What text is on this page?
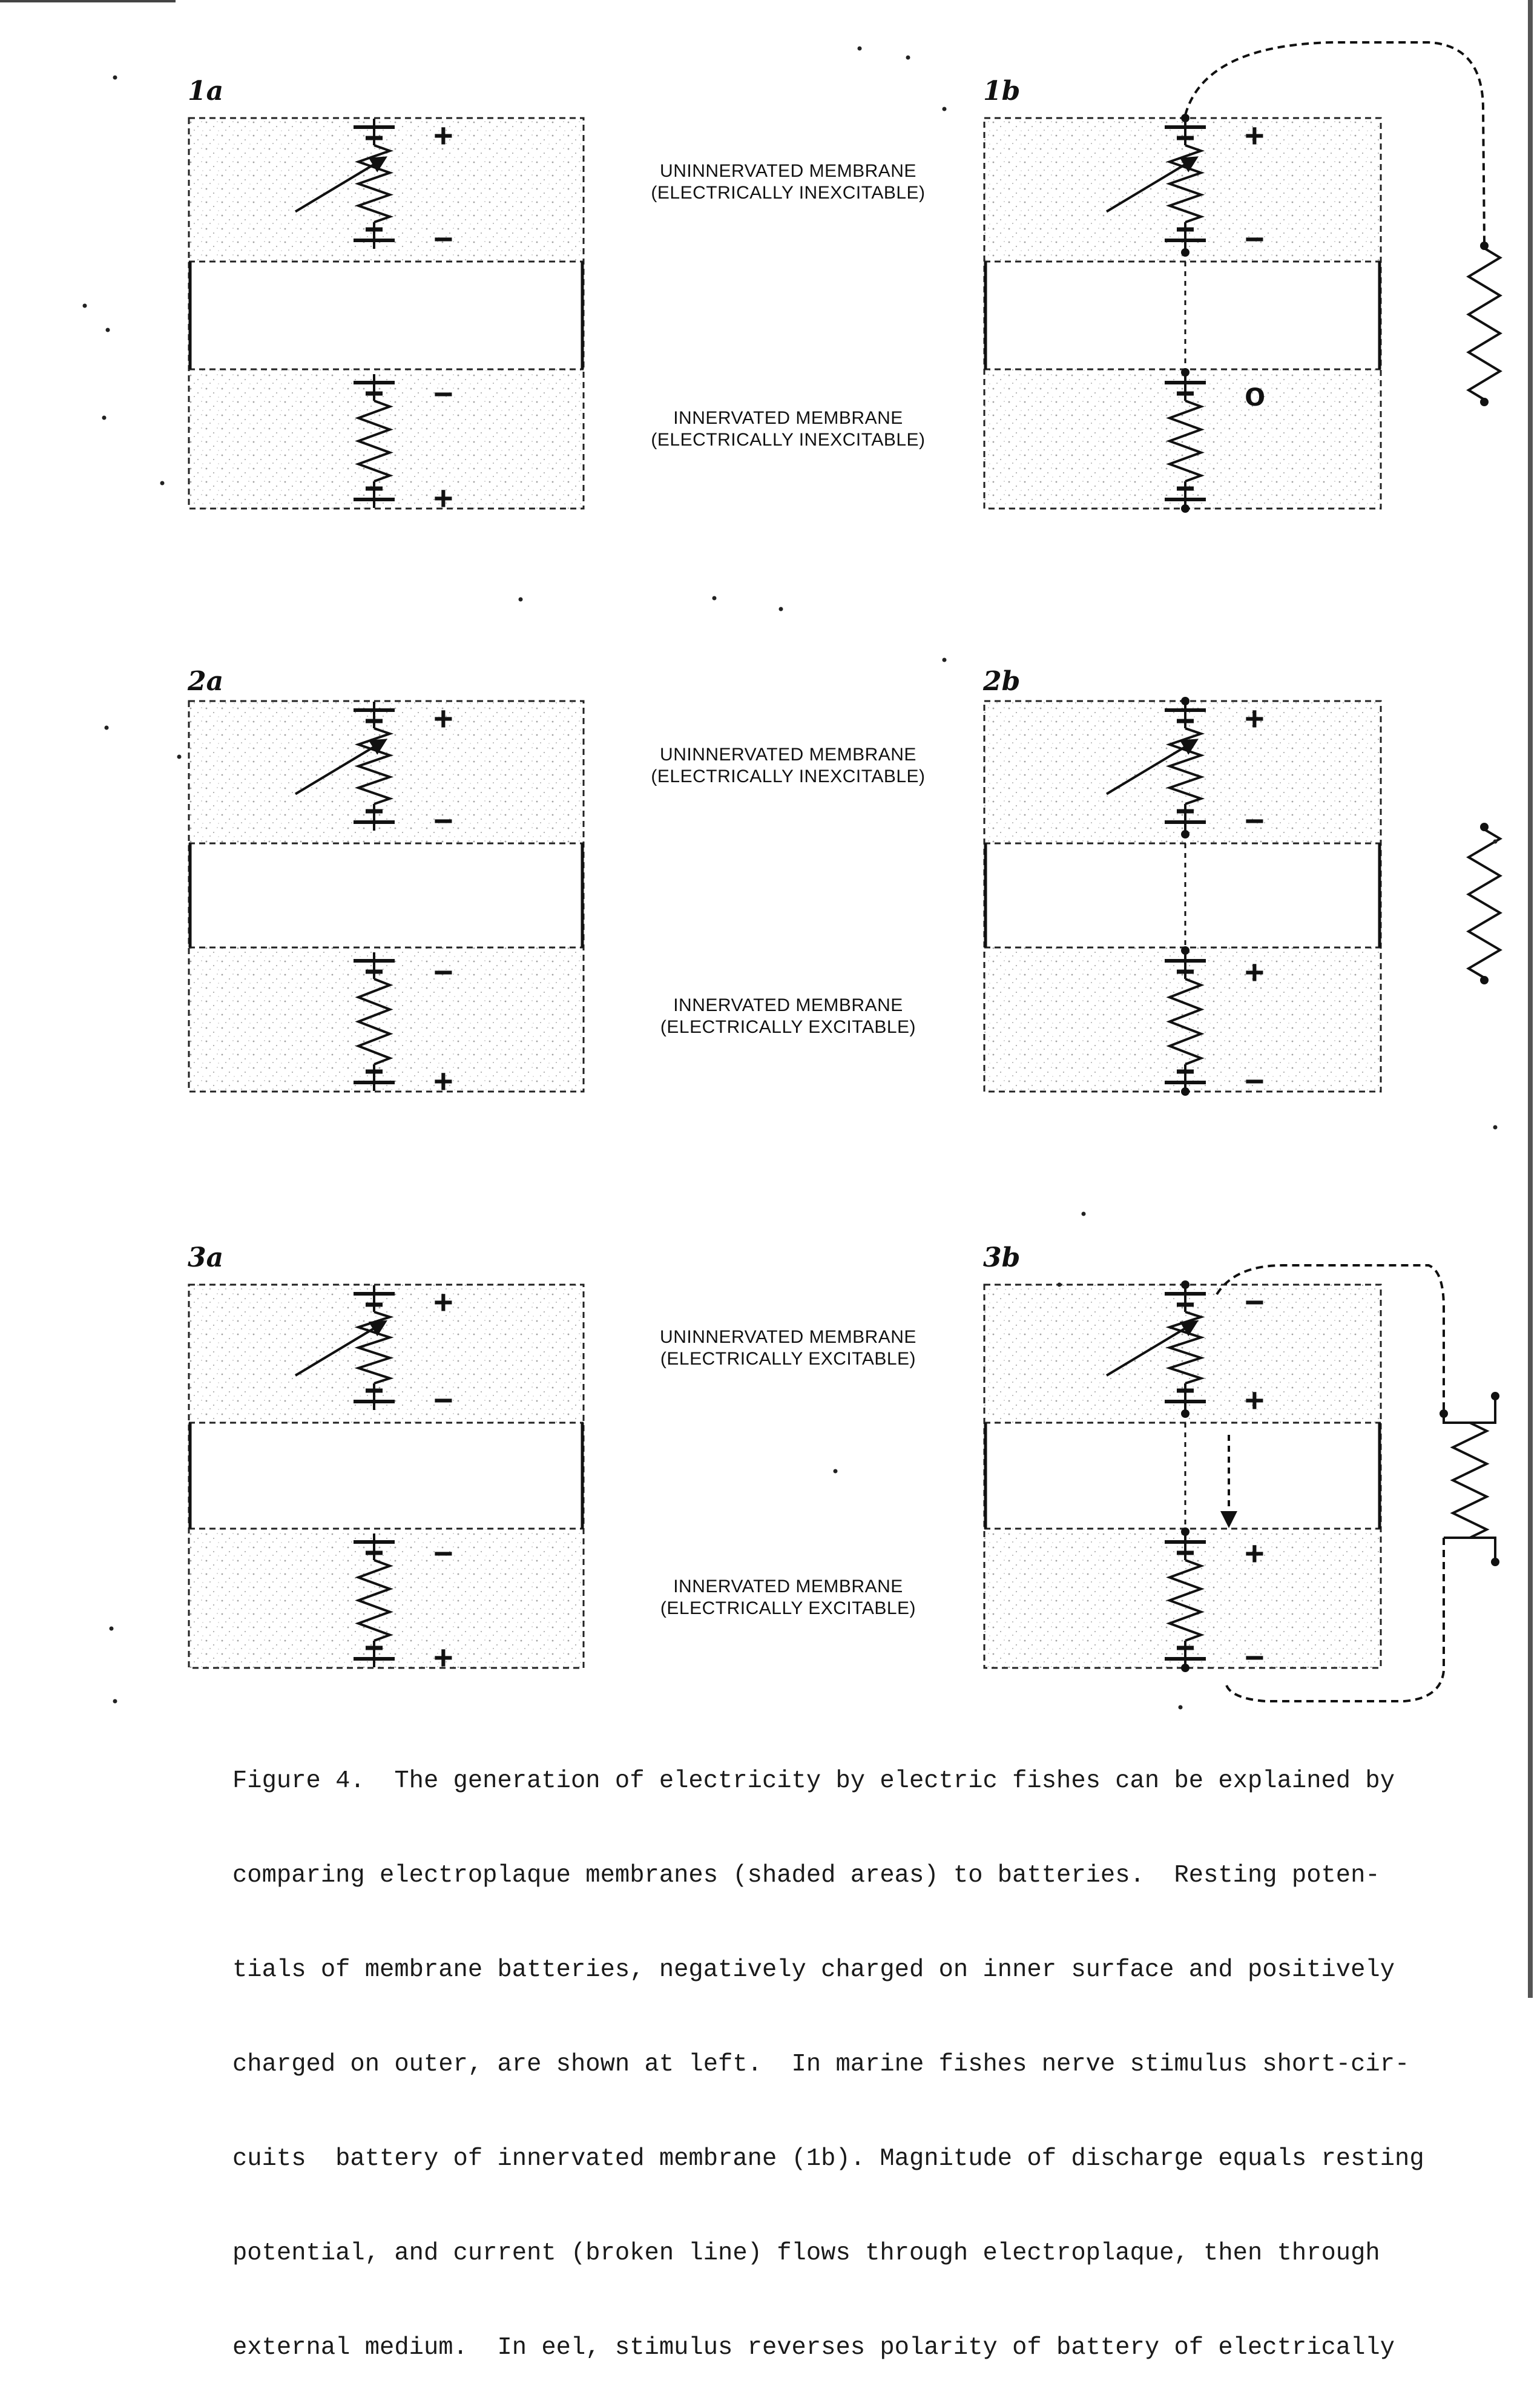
1a
+
−
−
+
1b
+
−
o
2a
+
−
−
+
2b
+
−
+
−
3a
+
−
−
+
3b
−
+
+
−
UNINNERVATED MEMBRANE
(ELECTRICALLY INEXCITABLE)
INNERVATED MEMBRANE
(ELECTRICALLY INEXCITABLE)
UNINNERVATED MEMBRANE
(ELECTRICALLY INEXCITABLE)
INNERVATED MEMBRANE
(ELECTRICALLY EXCITABLE)
UNINNERVATED MEMBRANE
(ELECTRICALLY EXCITABLE)
INNERVATED MEMBRANE
(ELECTRICALLY EXCITABLE)

Figure 4.  The generation of electricity by electric fishes can be explained by

comparing electroplaque membranes (shaded areas) to batteries.  Resting poten-

tials of membrane batteries, negatively charged on inner surface and positively

charged on outer, are shown at left.  In marine fishes nerve stimulus short-cir-

cuits  battery of innervated membrane (1b). Magnitude of discharge equals resting

potential, and current (broken line) flows through electroplaque, then through

external medium.  In eel, stimulus reverses polarity of battery of electrically
